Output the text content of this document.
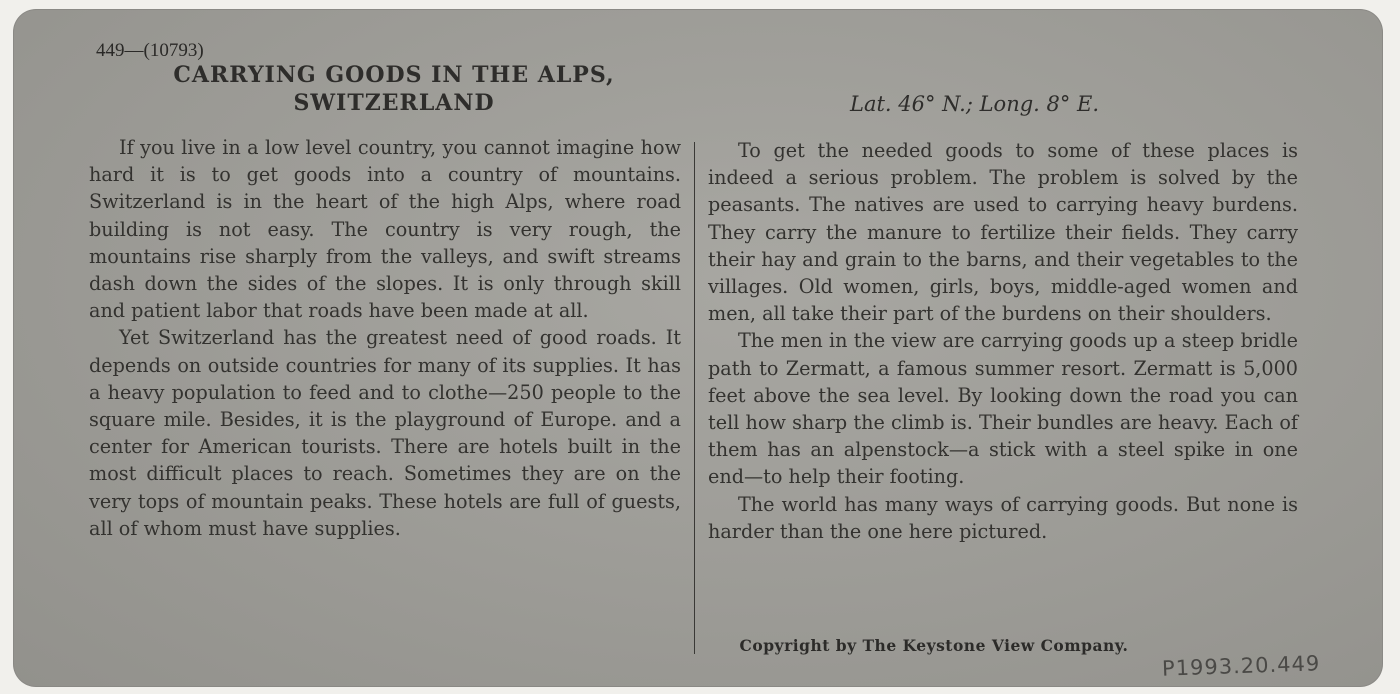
449—(10793)
CARRYING GOODS IN THE ALPS,
SWITZERLAND	Lat. 46° N.; Long. 8° E.

If you live in a low level country, you cannot imagine how hard it is to get goods into a country of mountains. Switzerland is in the heart of the high Alps, where road building is not easy. The country is very rough, the mountains rise sharply from the valleys, and swift streams dash down the sides of the slopes. It is only through skill and patient labor that roads have been made at all.

Yet Switzerland has the greatest need of good roads. It depends on outside countries for many of its supplies. It has a heavy population to feed and to clothe—250 people to the square mile. Besides, it is the playground of Europe. and a center for American tourists. There are hotels built in the most difficult places to reach. Sometimes they are on the very tops of mountain peaks. These hotels are full of guests, all of whom must have supplies.

To get the needed goods to some of these places is indeed a serious problem. The problem is solved by the peasants. The natives are used to carrying heavy burdens. They carry the manure to fertilize their fields. They carry their hay and grain to the barns, and their vegetables to the villages. Old women, girls, boys, middle-aged women and men, all take their part of the burdens on their shoulders.

The men in the view are carrying goods up a steep bridle path to Zermatt, a famous summer resort. Zermatt is 5,000 feet above the sea level. By looking down the road you can tell how sharp the climb is. Their bundles are heavy. Each of them has an alpenstock—a stick with a steel spike in one end—to help their footing.

The world has many ways of carrying goods. But none is harder than the one here pictured.

Copyright by The Keystone View Company.
P1993.20.449
